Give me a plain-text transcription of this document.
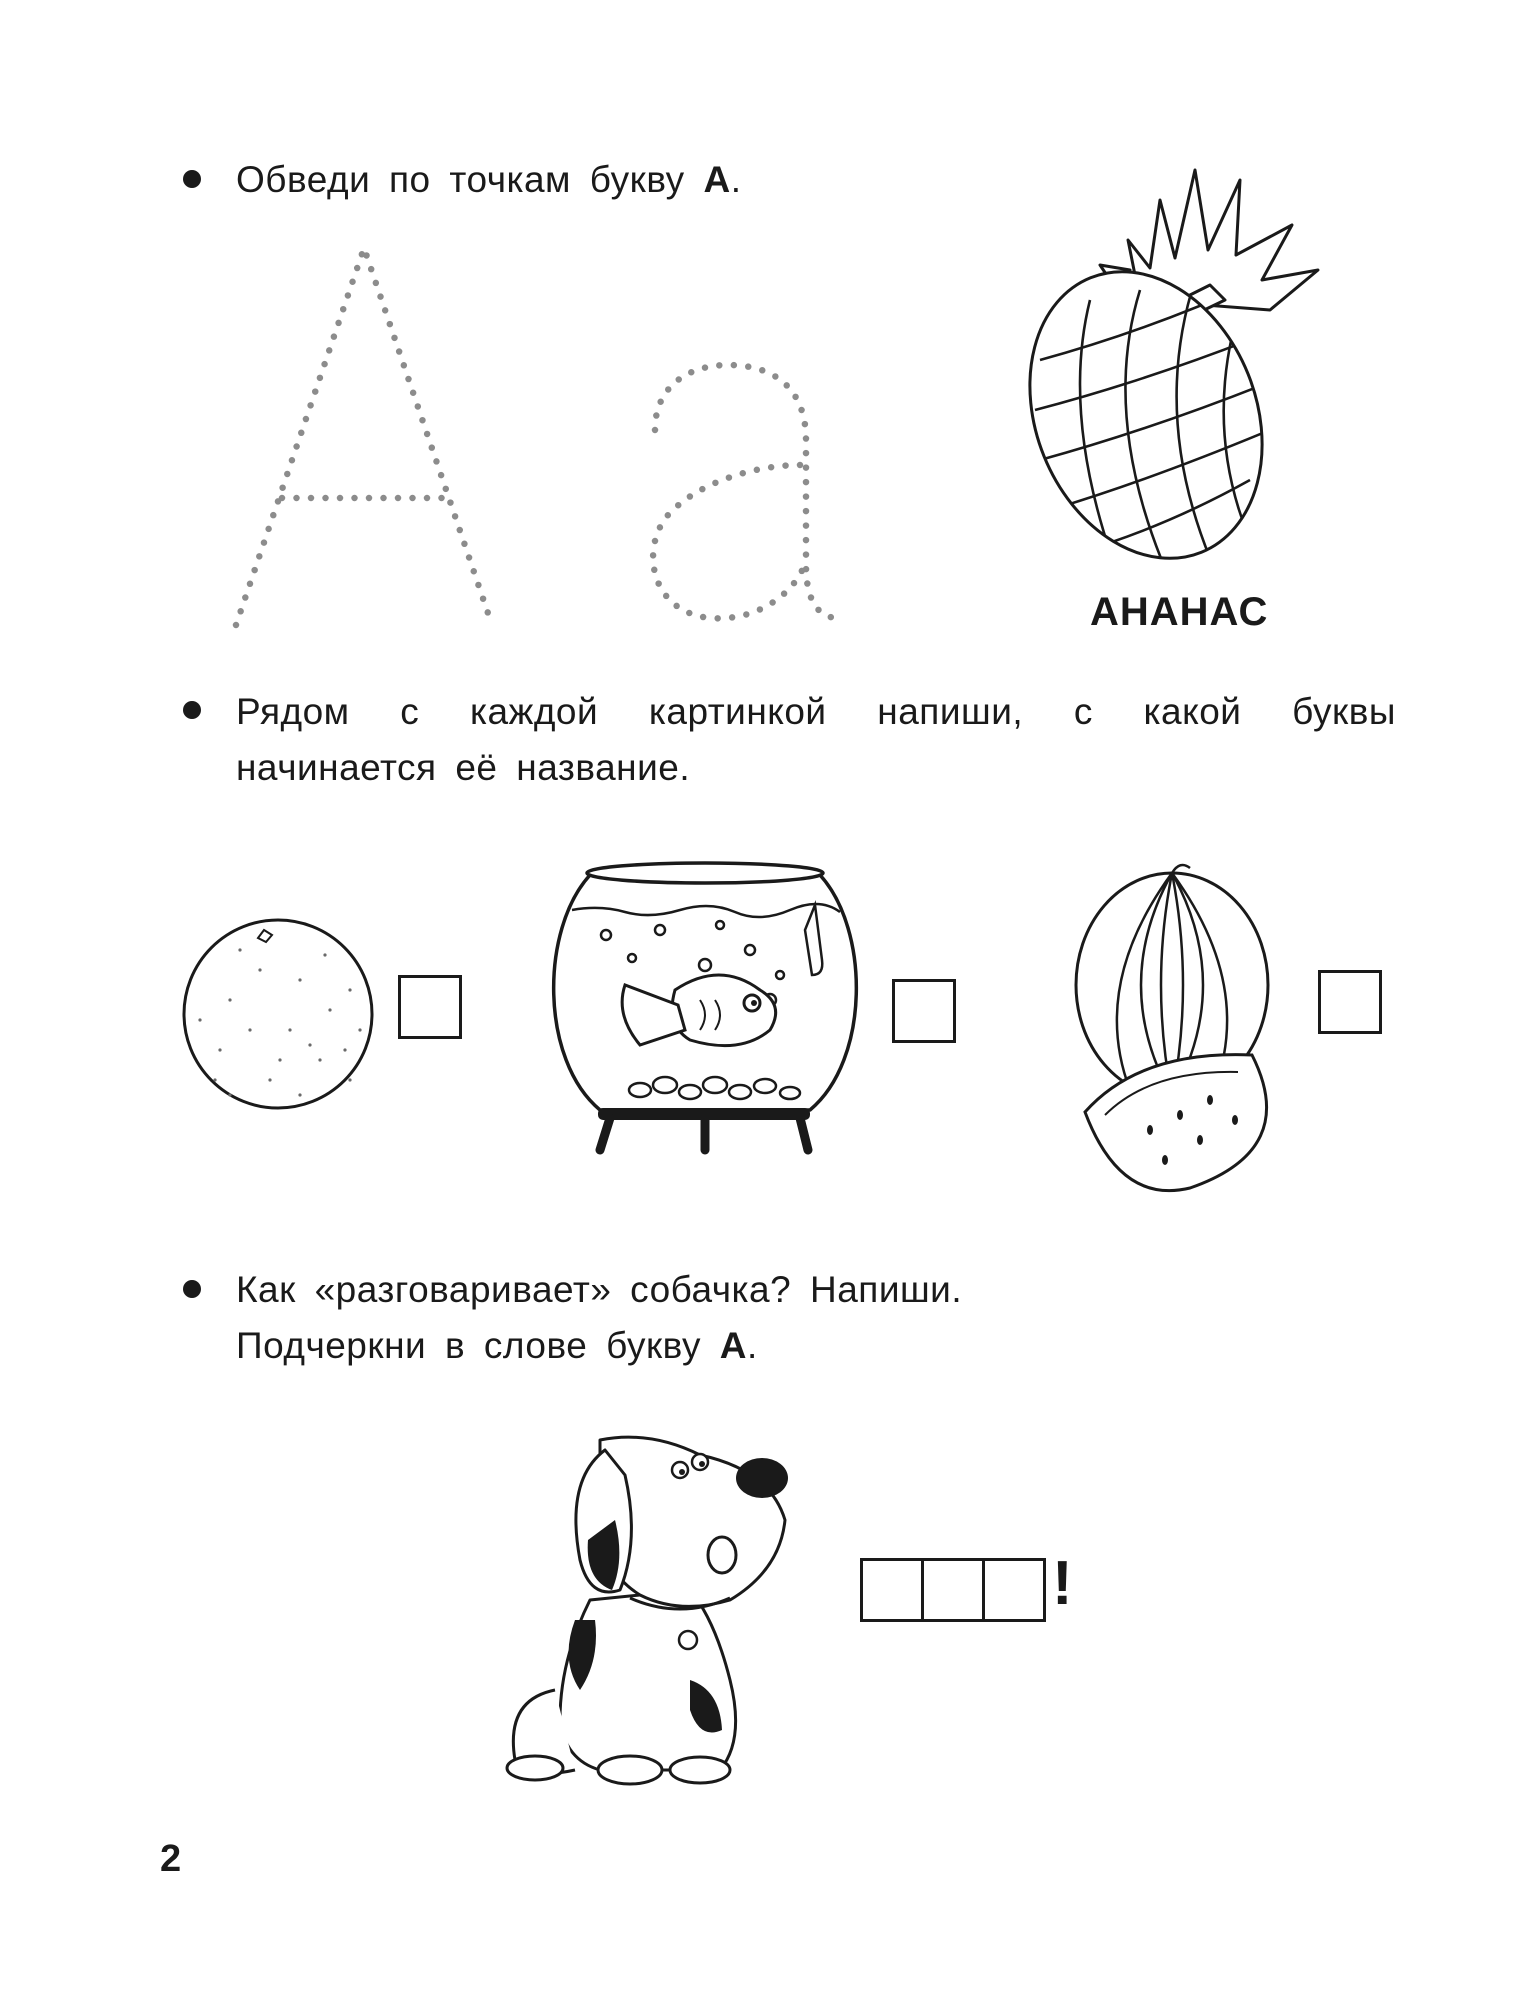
Обведи по точкам букву А.
АНАНАС
Рядом с каждой картинкой напиши, с какой буквы
начинается её название.
Как «разговаривает» собачка? Напиши.
Подчеркни в слове букву А.
!
2
